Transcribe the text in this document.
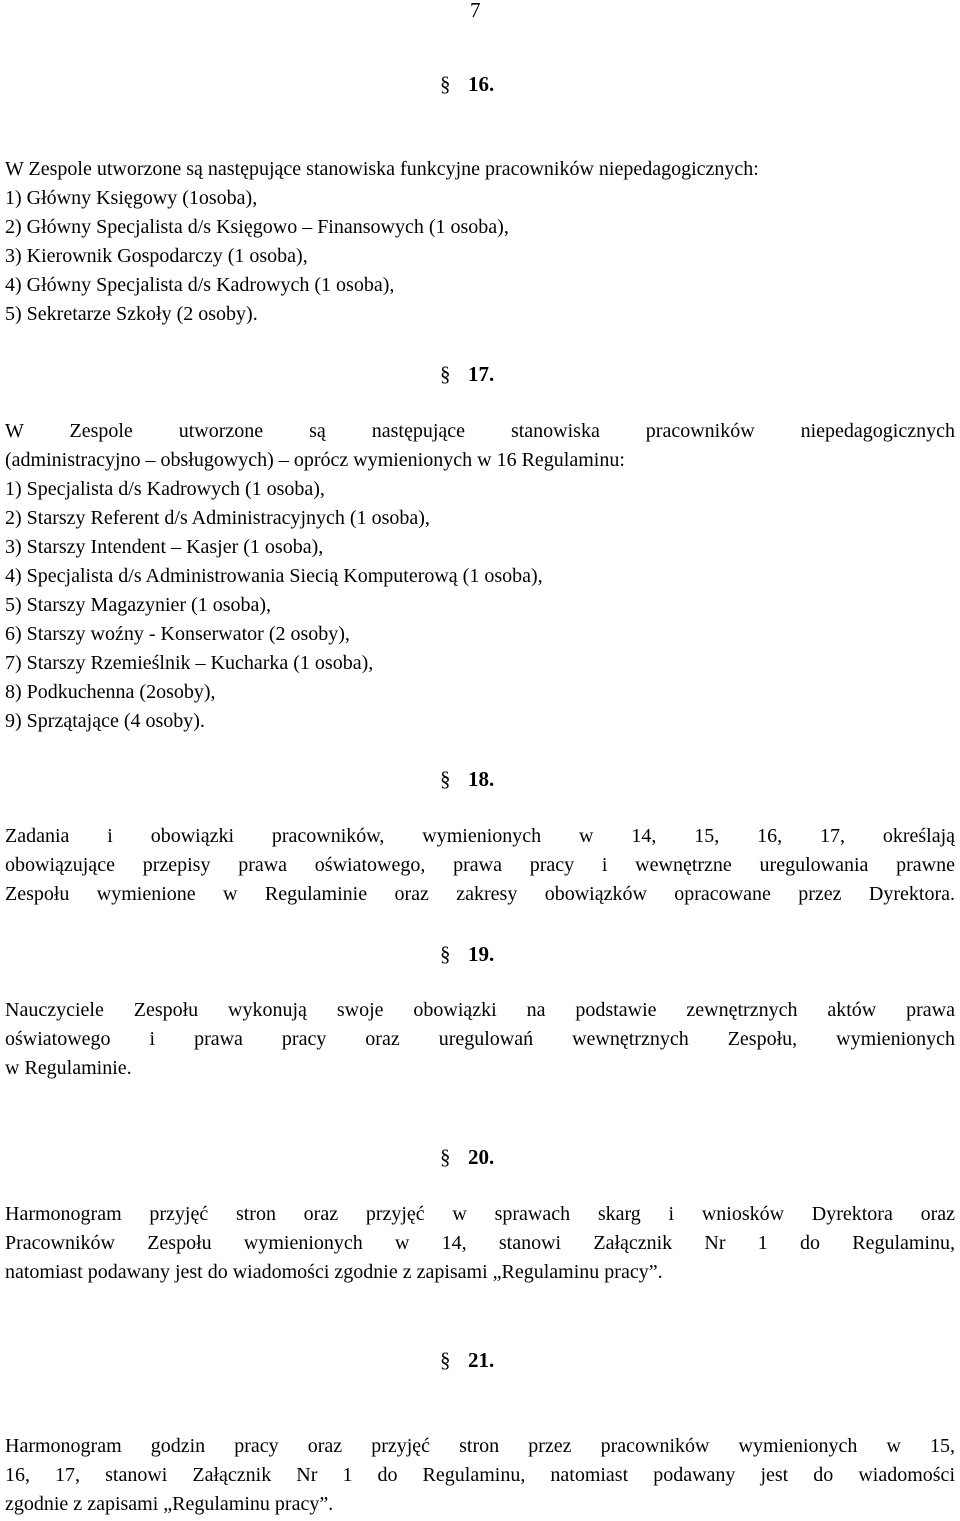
7
§ 16.
W Zespole utworzone są następujące stanowiska funkcyjne pracowników niepedagogicznych:
1) Główny Księgowy (1osoba),
2) Główny Specjalista d/s Księgowo – Finansowych (1 osoba),
3) Kierownik Gospodarczy (1 osoba),
4) Główny Specjalista d/s Kadrowych (1 osoba),
5) Sekretarze Szkoły (2 osoby).
§ 17.
W Zespole utworzone są następujące stanowiska pracowników niepedagogicznych
(administracyjno – obsługowych) – oprócz wymienionych w 16 Regulaminu:
1) Specjalista d/s Kadrowych (1 osoba),
2) Starszy Referent d/s Administracyjnych (1 osoba),
3) Starszy Intendent – Kasjer (1 osoba),
4) Specjalista d/s Administrowania Siecią Komputerową (1 osoba),
5) Starszy Magazynier (1 osoba),
6) Starszy woźny - Konserwator (2 osoby),
7) Starszy Rzemieślnik – Kucharka (1 osoba),
8) Podkuchenna (2osoby),
9) Sprzątające (4 osoby).
§ 18.
Zadania i obowiązki pracowników, wymienionych w 14, 15, 16, 17, określają
obowiązujące przepisy prawa oświatowego, prawa pracy i wewnętrzne uregulowania prawne
Zespołu wymienione w Regulaminie oraz zakresy obowiązków opracowane przez Dyrektora.
§ 19.
Nauczyciele Zespołu wykonują swoje obowiązki na podstawie zewnętrznych aktów prawa
oświatowego i prawa pracy oraz uregulowań wewnętrznych Zespołu, wymienionych
w Regulaminie.
§ 20.
Harmonogram przyjęć stron oraz przyjęć w sprawach skarg i wniosków Dyrektora oraz
Pracowników Zespołu wymienionych w 14, stanowi Załącznik Nr 1 do Regulaminu,
natomiast podawany jest do wiadomości zgodnie z zapisami „Regulaminu pracy”.
§ 21.
Harmonogram godzin pracy oraz przyjęć stron przez pracowników wymienionych w 15,
16, 17, stanowi Załącznik Nr 1 do Regulaminu, natomiast podawany jest do wiadomości
zgodnie z zapisami „Regulaminu pracy”.
